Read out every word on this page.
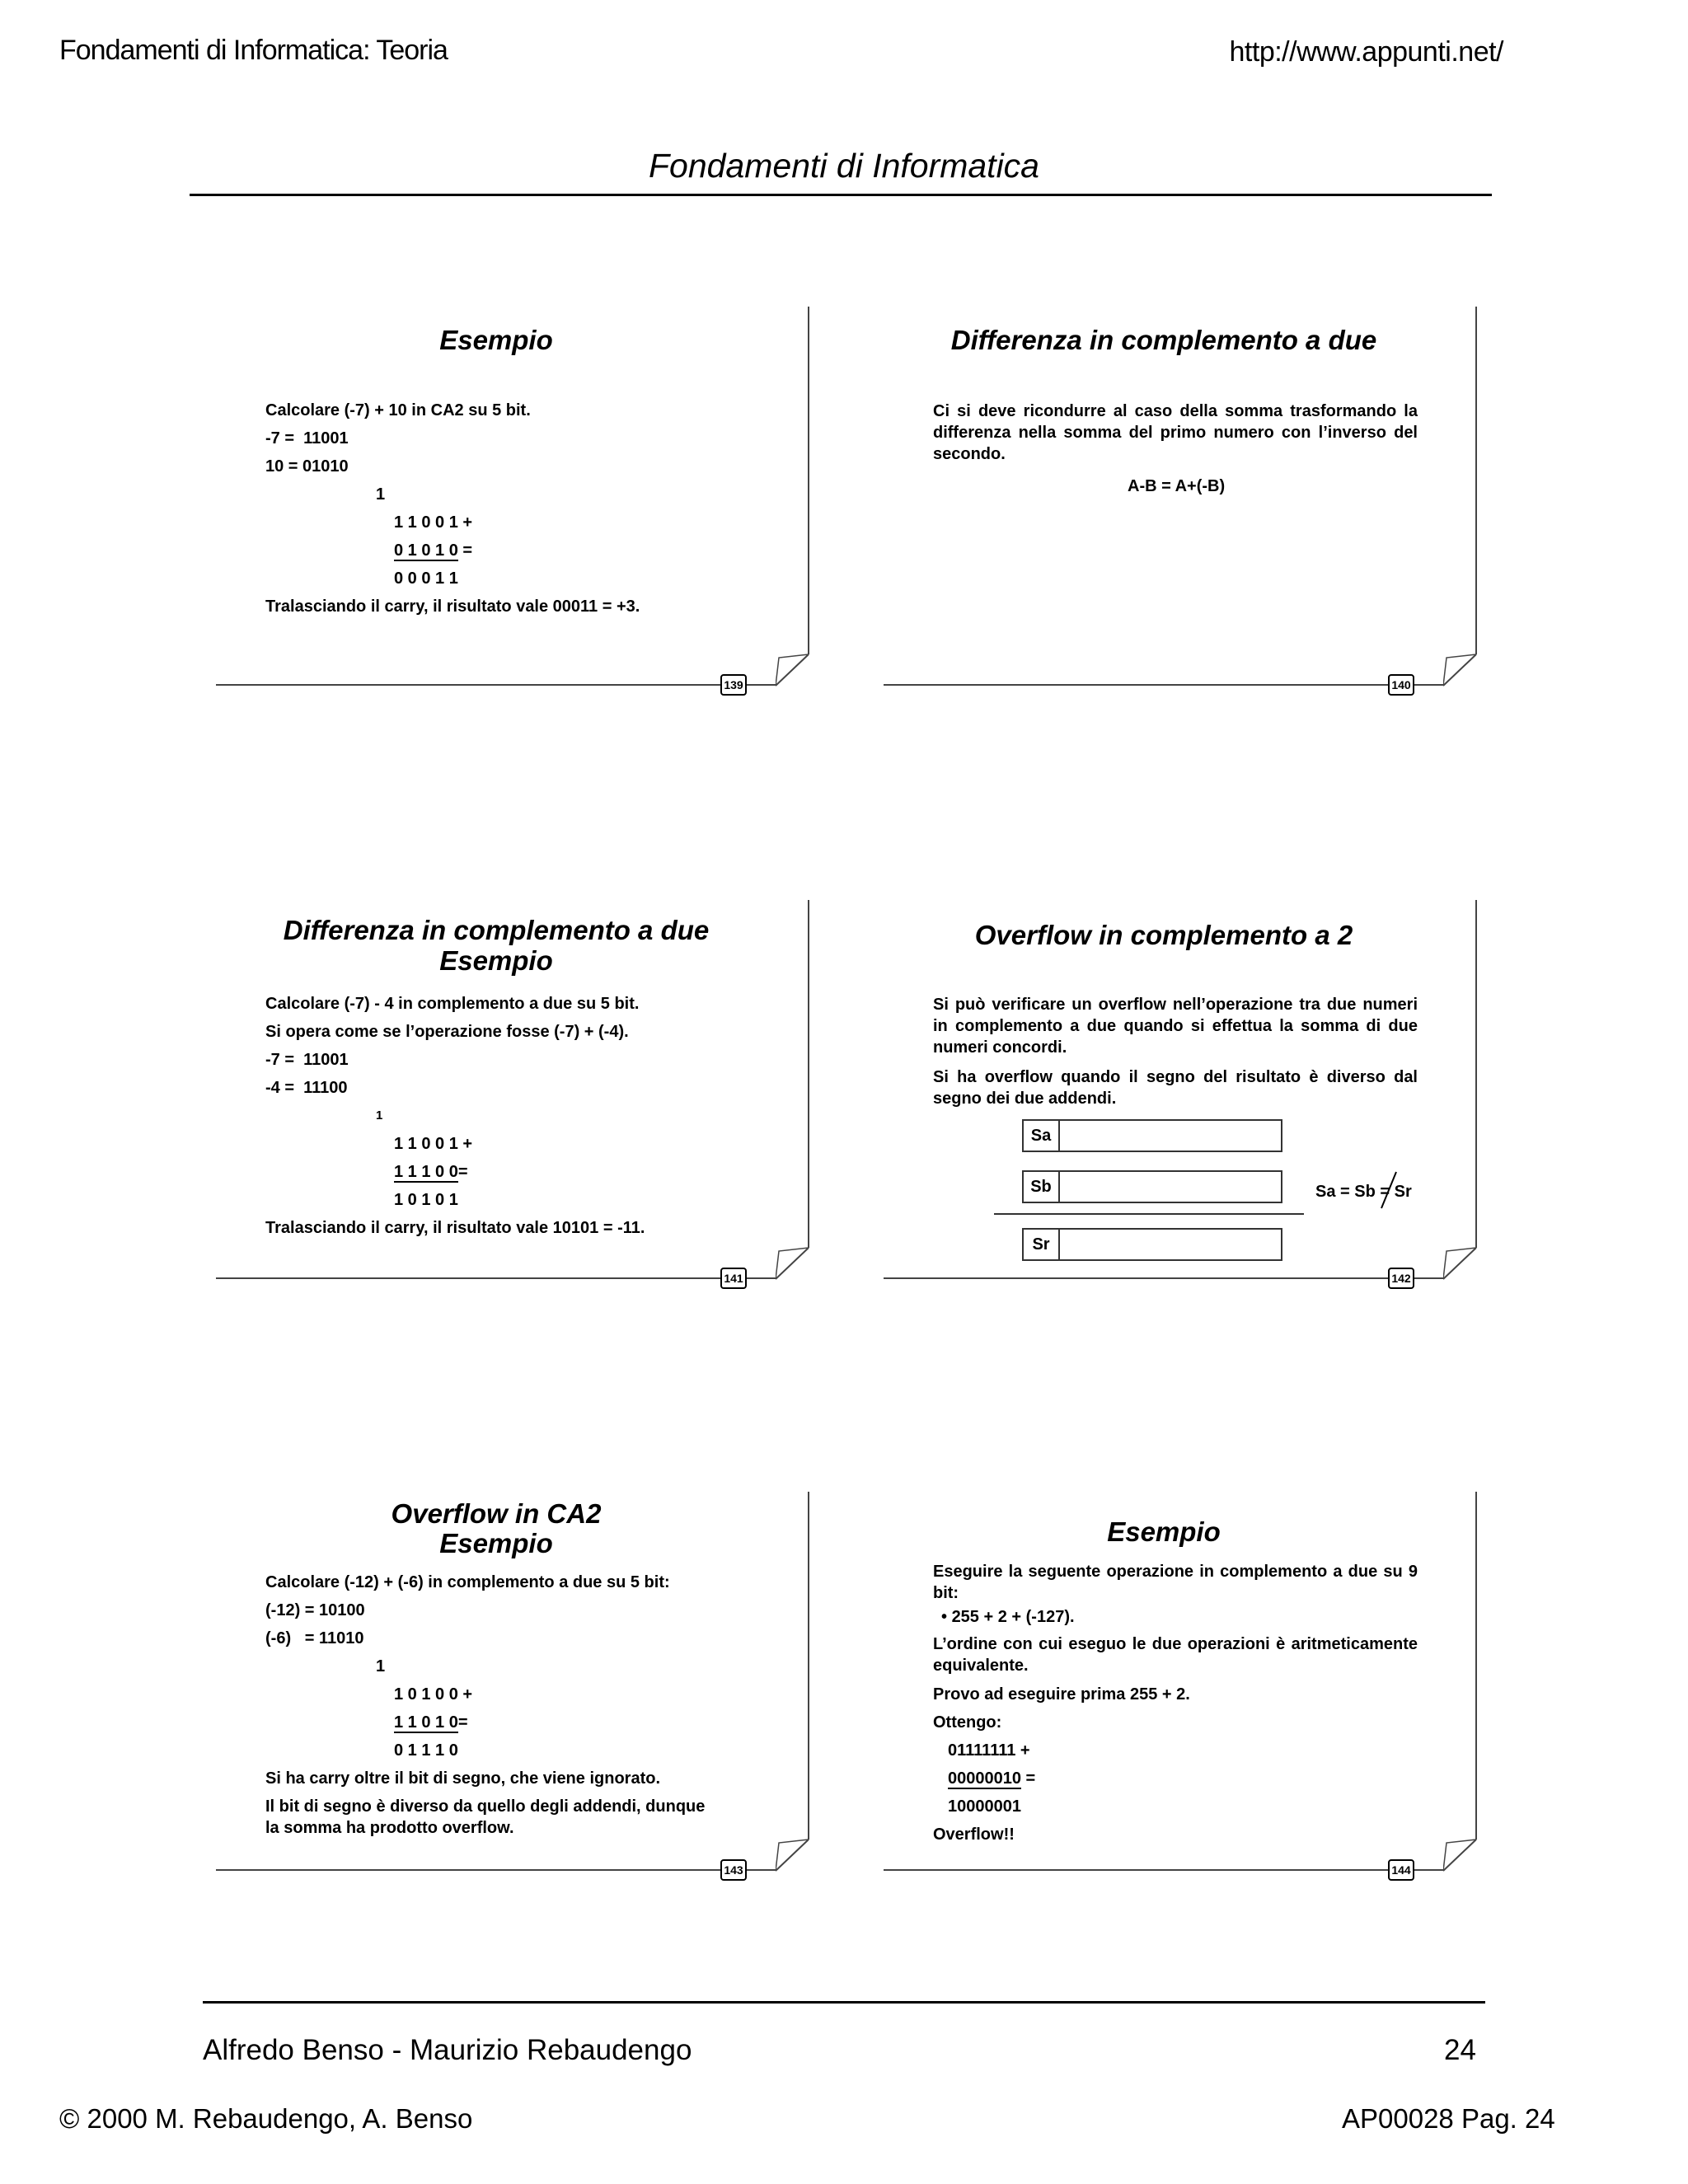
Fondamenti di Informatica: Teoria	http://www.appunti.net/
Fondamenti di Informatica
139
Esempio
Calcolare (-7) + 10 in CA2 su 5 bit.
-7 =  11001
10 = 01010
1
1 1 0 0 1 +
0 1 0 1 0 =
0 0 0 1 1
Tralasciando il carry, il risultato vale 00011 = +3.
140
Differenza in complemento a due
Ci si deve ricondurre al caso della somma trasformando la differenza nella somma del primo numero con l’inverso del secondo.
A-B = A+(-B)
141
Differenza in complemento a due
Esempio
Calcolare (-7) - 4 in complemento a due su 5 bit.
Si opera come se l’operazione fosse (-7) + (-4).
-7 =  11001
-4 =  11100
1
1 1 0 0 1 +
1 1 1 0 0=
1 0 1 0 1
Tralasciando il carry, il risultato vale 10101 = -11.
142
Overflow in complemento a 2
Si può verificare un overflow nell’operazione tra due numeri in complemento a due quando si effettua la somma di due numeri concordi.
Si ha overflow quando il segno del risultato è diverso dal segno dei due addendi.
Sa
Sb
Sr
Sa = Sb = Sr
143
Overflow in CA2
Esempio
Calcolare (-12) + (-6) in complemento a due su 5 bit:
(-12) = 10100
(-6)   = 11010
1
1 0 1 0 0 +
1 1 0 1 0=
0 1 1 1 0
Si ha carry oltre il bit di segno, che viene ignorato.
Il bit di segno è diverso da quello degli addendi, dunque
la somma ha prodotto overflow.
144
Esempio
Eseguire la seguente operazione in complemento a due su 9 bit:
• 255 + 2 + (-127).
L’ordine con cui eseguo le due operazioni è aritmeticamente equivalente.
Provo ad eseguire prima 255 + 2.
Ottengo:
01111111 +
00000010 =
10000001
Overflow!!
Alfredo Benso - Maurizio Rebaudengo	24
© 2000 M. Rebaudengo, A. Benso	AP00028 Pag. 24
